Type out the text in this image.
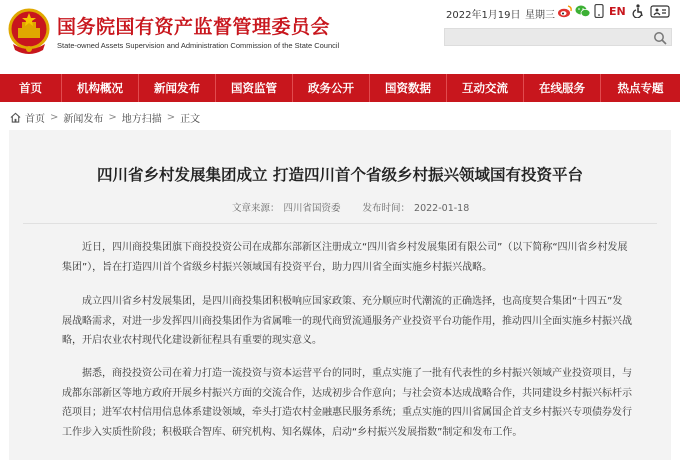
国务院国有资产监督管理委员会
State-owned Assets Supervision and Administration Commission of the State Council
2022年1月19日 星期三	EN
首页	机构概况	新闻发布	国资监管	政务公开	国资数据	互动交流	在线服务	热点专题
首页 > 新闻发布 > 地方扫描 > 正文
四川省乡村发展集团成立 打造四川首个省级乡村振兴领域国有投资平台
文章来源： 四川省国资委 发布时间： 2022-01-18

近日，四川商投集团旗下商投投资公司在成都东部新区注册成立“四川省乡村发展集团有限公司”（以下简称“四川省乡村发展集团”），旨在打造四川首个省级乡村振兴领域国有投资平台，助力四川省全面实施乡村振兴战略。

成立四川省乡村发展集团，是四川商投集团积极响应国家政策、充分顺应时代潮流的正确选择，也高度契合集团“十四五”发展战略需求，对进一步发挥四川商投集团作为省属唯一的现代商贸流通服务产业投资平台功能作用，推动四川全面实施乡村振兴战略，开启农业农村现代化建设新征程具有重要的现实意义。

据悉，商投投资公司在着力打造一流投资与资本运营平台的同时，重点实施了一批有代表性的乡村振兴领域产业投资项目，与成都东部新区等地方政府开展乡村振兴方面的交流合作，达成初步合作意向；与社会资本达成战略合作，共同建设乡村振兴标杆示范项目；进军农村信用信息体系建设领域，牵头打造农村金融惠民服务系统；重点实施的四川省属国企首支乡村振兴专项债券发行工作步入实质性阶段；积极联合智库、研究机构、知名媒体，启动“乡村振兴发展指数”制定和发布工作。
